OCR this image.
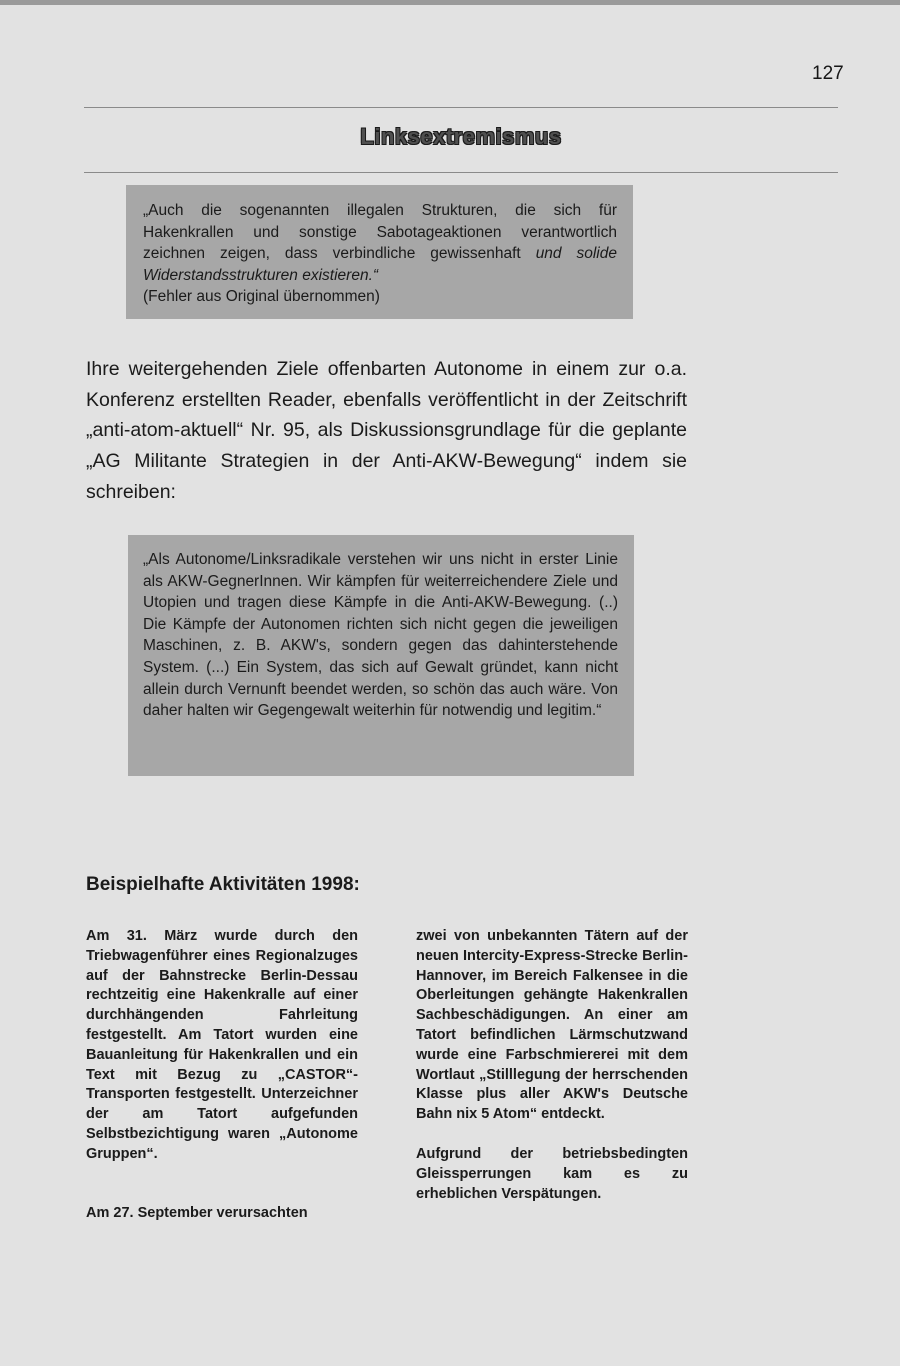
127
Linksextremismus
„Auch die sogenannten illegalen Strukturen, die sich für Hakenkrallen und sonstige Sabotageaktionen verantwortlich zeichnen zeigen, dass verbindliche gewissenhaft und solide Widerstandsstrukturen existieren.“
(Fehler aus Original übernommen)
Ihre weitergehenden Ziele offenbarten Autonome in einem zur o.a. Konferenz erstellten Reader, ebenfalls veröffentlicht in der Zeitschrift „anti-atom-aktuell“ Nr. 95, als Diskussionsgrundlage für die geplante „AG Militante Strategien in der Anti-AKW-Bewegung“ indem sie schreiben:
„Als Autonome/Linksradikale verstehen wir uns nicht in erster Linie als AKW-GegnerInnen. Wir kämpfen für weiterreichendere Ziele und Utopien und tragen diese Kämpfe in die Anti-AKW-Bewegung. (..) Die Kämpfe der Autonomen richten sich nicht gegen die jeweiligen Maschinen, z. B. AKW's, sondern gegen das dahinterstehende System. (...) Ein System, das sich auf Gewalt gründet, kann nicht allein durch Vernunft beendet werden, so schön das auch wäre. Von daher halten wir Gegengewalt weiterhin für notwendig und legitim.“
Beispielhafte Aktivitäten 1998:

Am 31. März wurde durch den Triebwagenführer eines Regionalzuges auf der Bahnstrecke Berlin-Dessau rechtzeitig eine Hakenkralle auf einer durchhängenden Fahrleitung festgestellt. Am Tatort wurden eine Bauanleitung für Hakenkrallen und ein Text mit Bezug zu „CASTOR“-Transporten festgestellt. Unterzeichner der am Tatort aufgefunden Selbstbezichtigung waren „Autonome Gruppen“.

Am 27. September verursachten

zwei von unbekannten Tätern auf der neuen Intercity-Express-Strecke Berlin-Hannover, im Bereich Falkensee in die Oberleitungen gehängte Hakenkrallen Sachbeschädigungen. An einer am Tatort befindlichen Lärmschutzwand wurde eine Farbschmiererei mit dem Wortlaut „Stilllegung der herrschenden Klasse plus aller AKW's Deutsche Bahn nix 5 Atom“ entdeckt.

Aufgrund der betriebsbedingten Gleissperrungen kam es zu erheblichen Verspätungen.
